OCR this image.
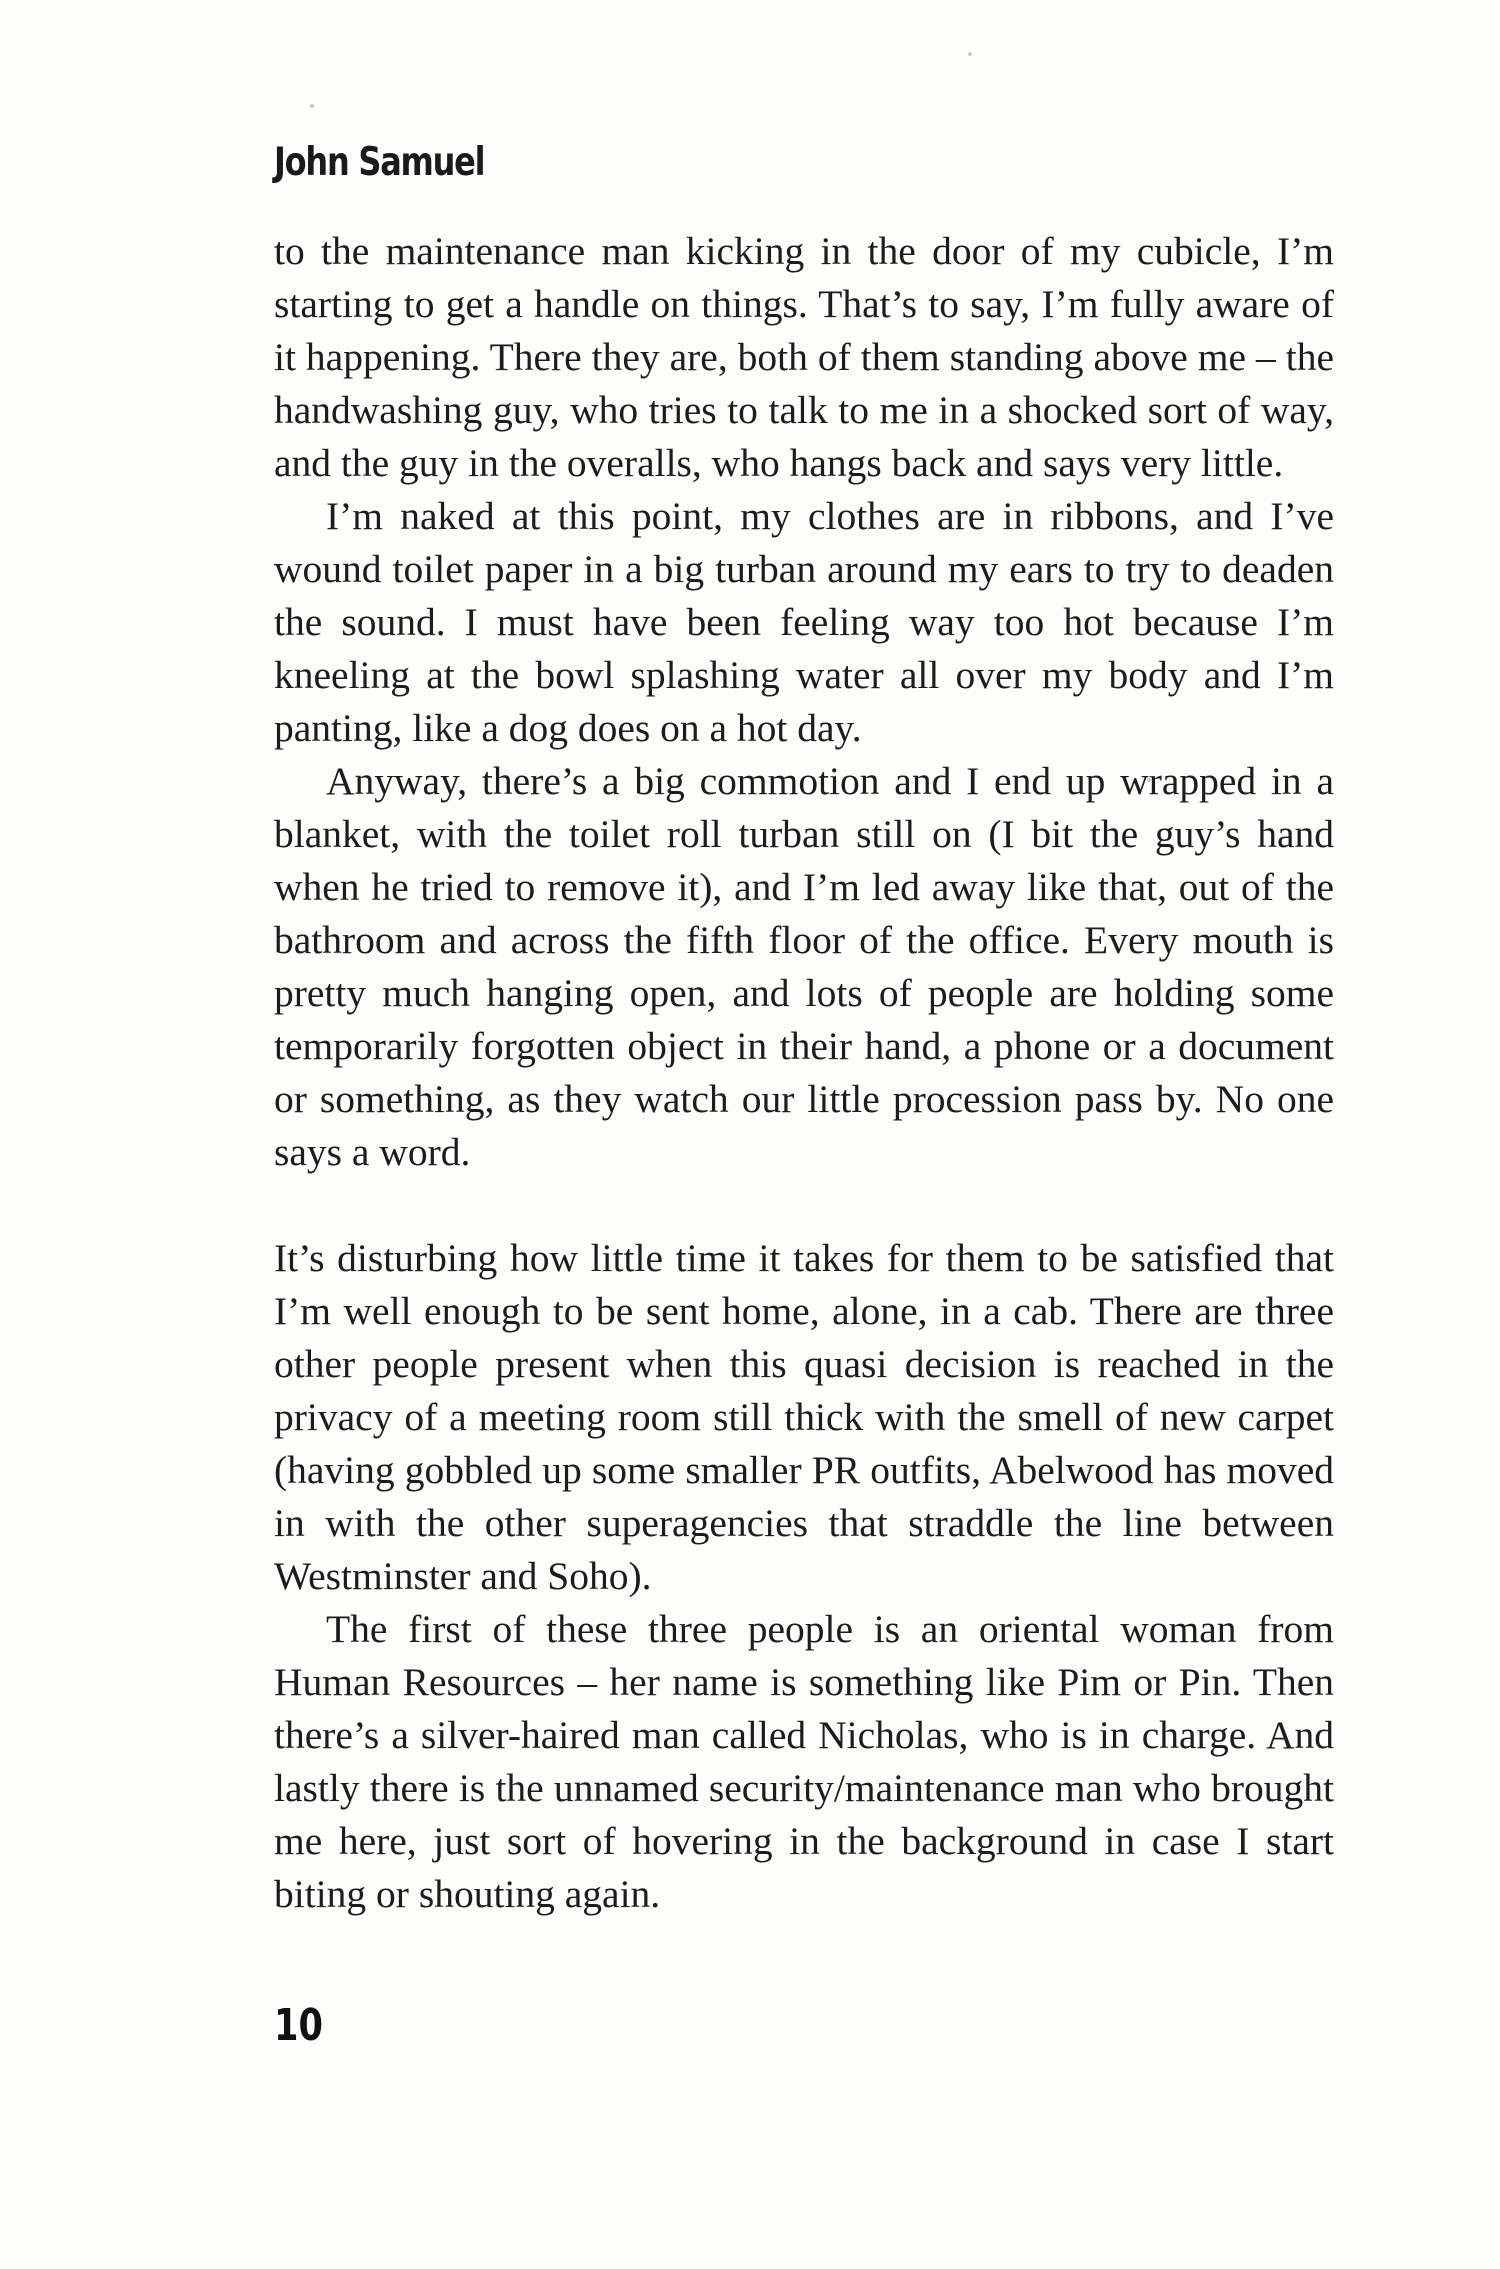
John Samuel

to the maintenance man kicking in the door of my cubicle, I’m starting to get a handle on things. That’s to say, I’m fully aware of it happening. There they are, both of them standing above me – the handwashing guy, who tries to talk to me in a shocked sort of way, and the guy in the overalls, who hangs back and says very little.

I’m naked at this point, my clothes are in ribbons, and I’ve wound toilet paper in a big turban around my ears to try to deaden the sound. I must have been feeling way too hot because I’m kneeling at the bowl splashing water all over my body and I’m panting, like a dog does on a hot day.

Anyway, there’s a big commotion and I end up wrapped in a blanket, with the toilet roll turban still on (I bit the guy’s hand when he tried to remove it), and I’m led away like that, out of the bathroom and across the fifth floor of the office. Every mouth is pretty much hanging open, and lots of people are holding some temporarily forgotten object in their hand, a phone or a document or something, as they watch our little procession pass by. No one says a word.

It’s disturbing how little time it takes for them to be satisfied that I’m well enough to be sent home, alone, in a cab. There are three other people present when this quasi decision is reached in the privacy of a meeting room still thick with the smell of new carpet (having gobbled up some smaller PR outfits, Abelwood has moved in with the other superagencies that straddle the line between Westminster and Soho).

The first of these three people is an oriental woman from Human Resources – her name is something like Pim or Pin. Then there’s a silver-haired man called Nicholas, who is in charge. And lastly there is the unnamed security/maintenance man who brought me here, just sort of hovering in the background in case I start biting or shouting again.

10
